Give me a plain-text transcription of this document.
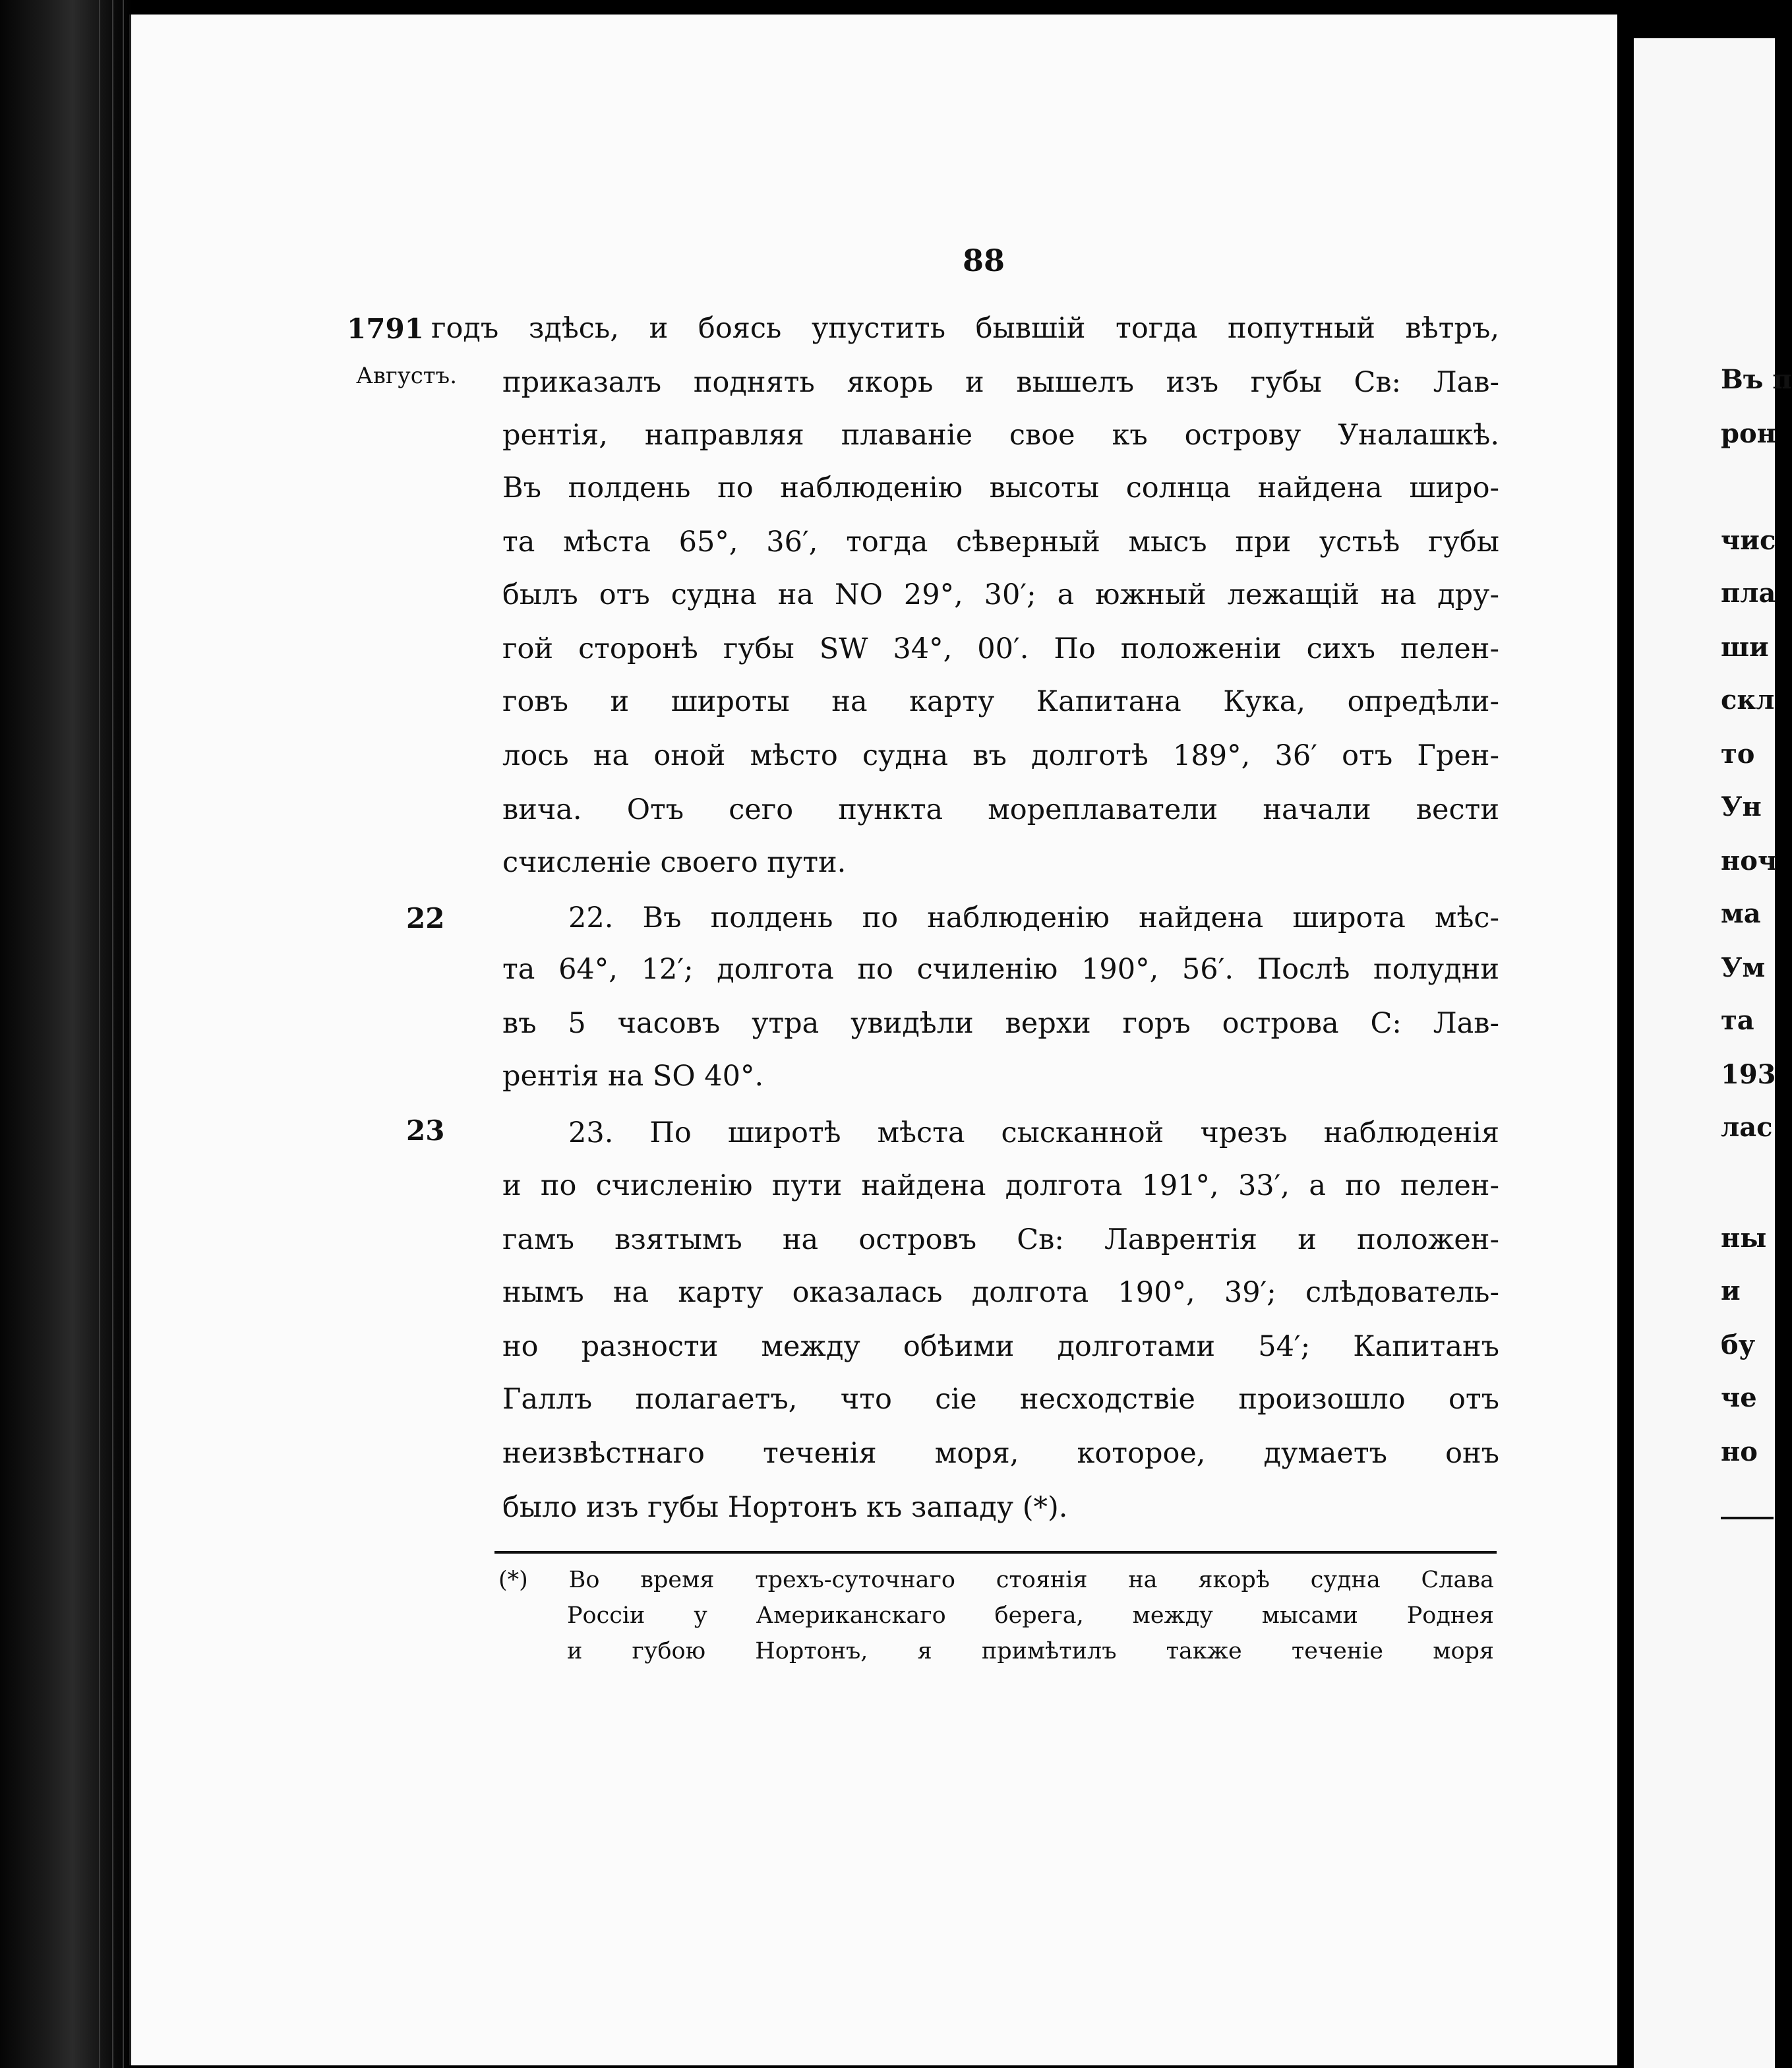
88
1791
Августъ.
22
23
годъ здѣсь, и боясь упустить бывшій тогда попутный вѣтръ,
приказалъ поднять якорь и вышелъ изъ губы Св: Лав-
рентія, направляя плаваніе свое къ острову Уналашкѣ.
Въ полдень по наблюденію высоты солнца найдена широ-
та мѣста 65°, 36′, тогда сѣверный мысъ при устьѣ губы
былъ отъ судна на NO 29°, 30′; а южный лежащій на дру-
гой сторонѣ губы SW 34°, 00′. По положеніи сихъ пелен-
говъ и широты на карту Капитана Кука, опредѣли-
лось на оной мѣсто судна въ долготѣ 189°, 36′ отъ Грен-
вича. Отъ сего пункта мореплаватели начали вести
счисленіе своего пути.
22. Въ полдень по наблюденію найдена широта мѣс-
та 64°, 12′; долгота по счиленію 190°, 56′. Послѣ полудни
въ 5 часовъ утра увидѣли верхи горъ острова С: Лав-
рентія на SO 40°.
23. По широтѣ мѣста сысканной чрезъ наблюденія
и по счисленію пути найдена долгота 191°, 33′, а по пелен-
гамъ взятымъ на островъ Св: Лаврентія и положен-
нымъ на карту оказалась долгота 190°, 39′; слѣдователь-
но разности между обѣими долготами 54′; Капитанъ
Галлъ полагаетъ, что сіе несходствіе произошло отъ
неизвѣстнаго теченія моря, которое, думаетъ онъ
было изъ губы Нортонъ къ западу (*).
(*) Во время трехъ-суточнаго стоянія на якорѣ судна Слава
Россіи у Американскаго берега, между мысами Роднея
и губою Нортонъ, я примѣтилъ также теченіе моря
Въ п
рон
чис
пла
ши
скл
то
Ун
ноч
ма
Ум
та
193
лас
ны
и
бу
че
но
